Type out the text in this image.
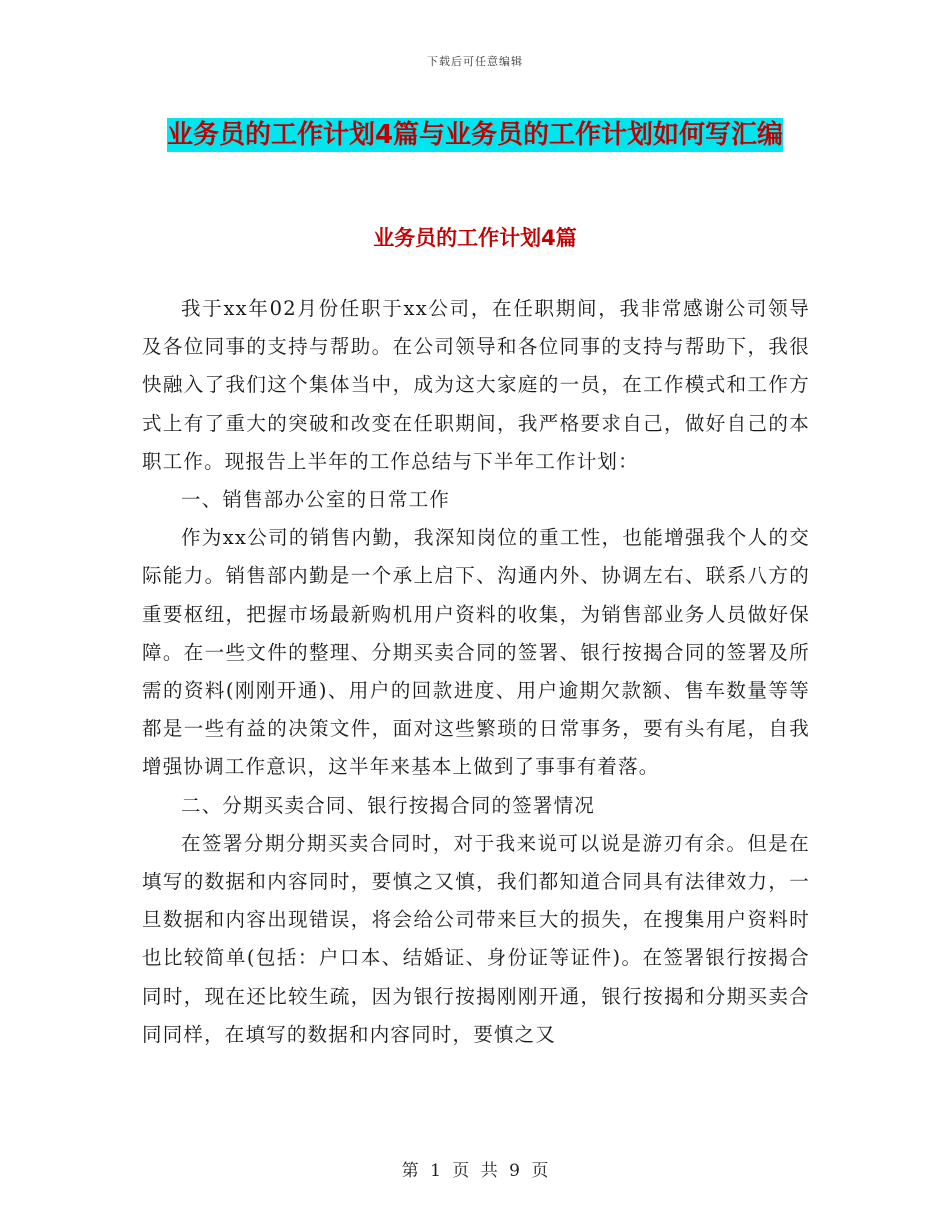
下载后可任意编辑
业务员的工作计划4篇与业务员的工作计划如何写汇编
业务员的工作计划4篇

我于xx年02月份任职于xx公司，在任职期间，我非常感谢公司领导及各位同事的支持与帮助。在公司领导和各位同事的支持与帮助下，我很快融入了我们这个集体当中，成为这大家庭的一员，在工作模式和工作方式上有了重大的突破和改变在任职期间，我严格要求自己，做好自己的本职工作。现报告上半年的工作总结与下半年工作计划：

一、销售部办公室的日常工作

作为xx公司的销售内勤，我深知岗位的重工性，也能增强我个人的交际能力。销售部内勤是一个承上启下、沟通内外、协调左右、联系八方的重要枢纽，把握市场最新购机用户资料的收集，为销售部业务人员做好保障。在一些文件的整理、分期买卖合同的签署、银行按揭合同的签署及所需的资料(刚刚开通)、用户的回款进度、用户逾期欠款额、售车数量等等都是一些有益的决策文件，面对这些繁琐的日常事务，要有头有尾，自我增强协调工作意识，这半年来基本上做到了事事有着落。

二、分期买卖合同、银行按揭合同的签署情况

在签署分期分期买卖合同时，对于我来说可以说是游刃有余。但是在填写的数据和内容同时，要慎之又慎，我们都知道合同具有法律效力，一旦数据和内容出现错误，将会给公司带来巨大的损失，在搜集用户资料时也比较简单(包括：户口本、结婚证、身份证等证件)。在签署银行按揭合同时，现在还比较生疏，因为银行按揭刚刚开通，银行按揭和分期买卖合同同样，在填写的数据和内容同时，要慎之又

第 1 页 共 9 页
